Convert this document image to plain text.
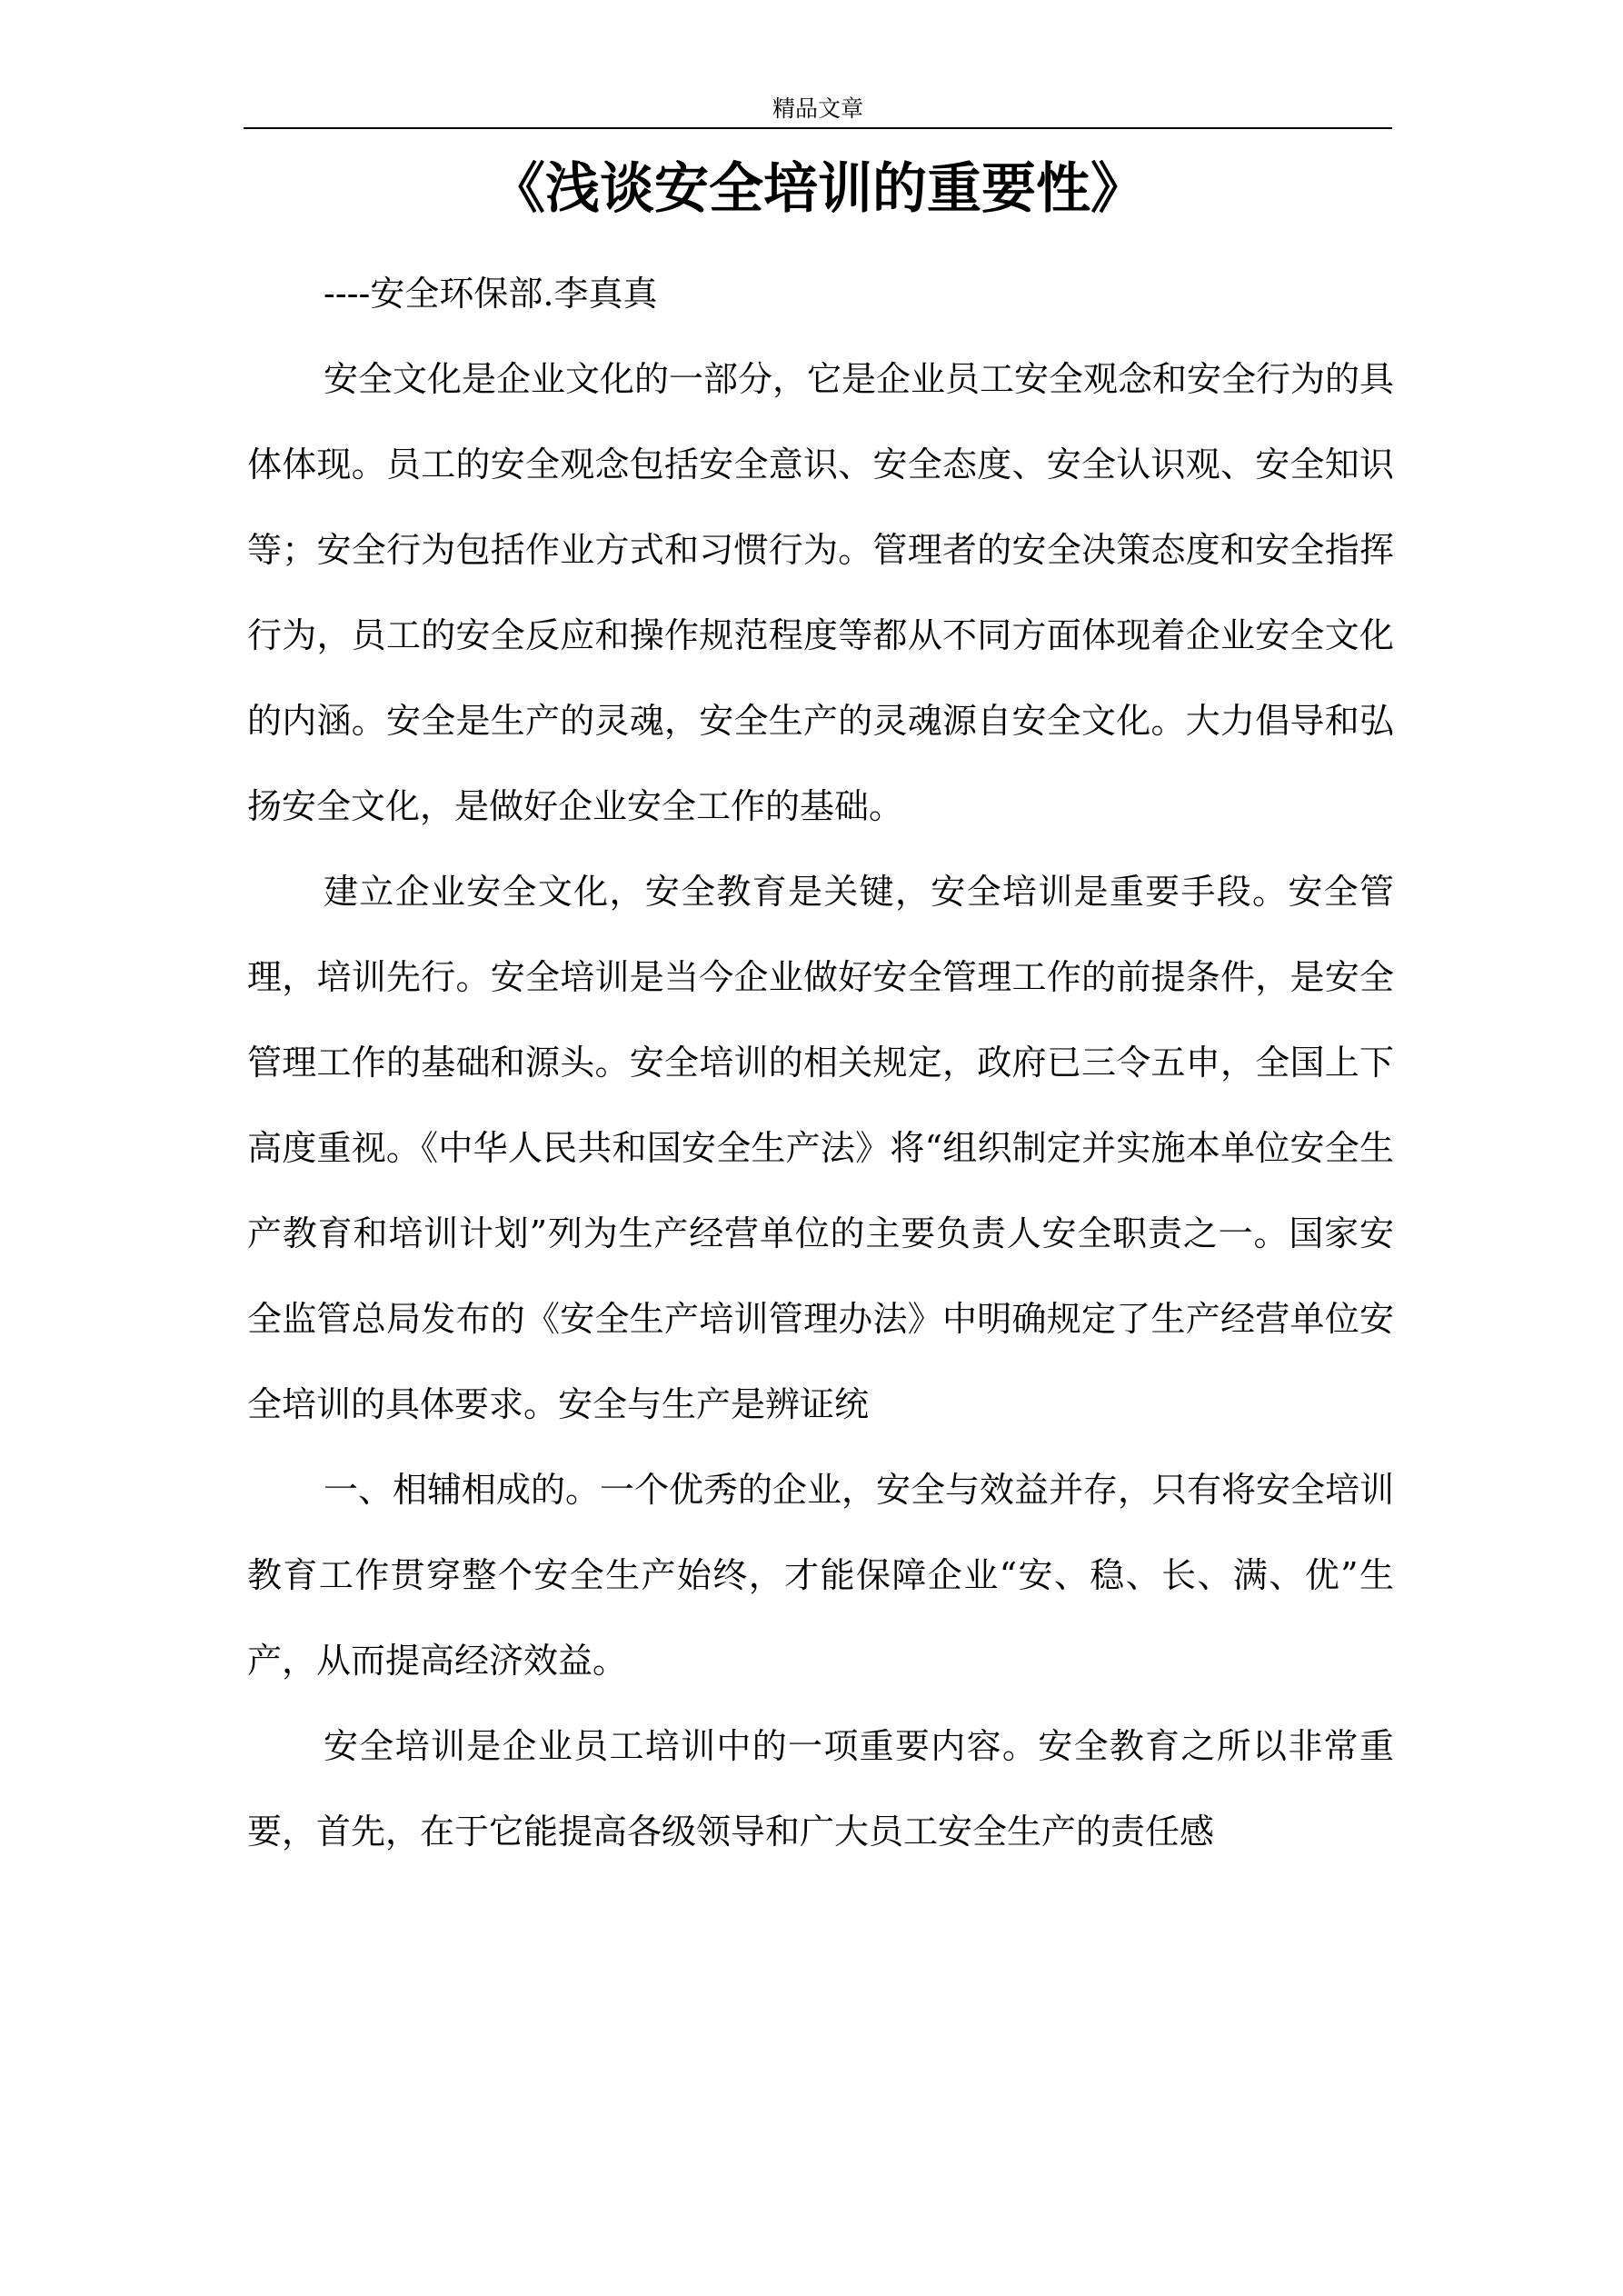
精品文章
《浅谈安全培训的重要性》

----安全环保部.李真真

安全文化是企业文化的一部分，它是企业员工安全观念和安全行为的具体体现。员工的安全观念包括安全意识、安全态度、安全认识观、安全知识等；安全行为包括作业方式和习惯行为。管理者的安全决策态度和安全指挥行为，员工的安全反应和操作规范程度等都从不同方面体现着企业安全文化的内涵。安全是生产的灵魂，安全生产的灵魂源自安全文化。大力倡导和弘扬安全文化，是做好企业安全工作的基础。

建立企业安全文化，安全教育是关键，安全培训是重要手段。安全管理，培训先行。安全培训是当今企业做好安全管理工作的前提条件，是安全管理工作的基础和源头。安全培训的相关规定，政府已三令五申，全国上下高度重视。《中华人民共和国安全生产法》将“组织制定并实施本单位安全生产教育和培训计划”列为生产经营单位的主要负责人安全职责之一。国家安全监管总局发布的《安全生产培训管理办法》中明确规定了生产经营单位安全培训的具体要求。安全与生产是辨证统

一、相辅相成的。一个优秀的企业，安全与效益并存，只有将安全培训教育工作贯穿整个安全生产始终，才能保障企业“安、稳、长、满、优”生产，从而提高经济效益。

安全培训是企业员工培训中的一项重要内容。安全教育之所以非常重要，首先，在于它能提高各级领导和广大员工安全生产的责任感
